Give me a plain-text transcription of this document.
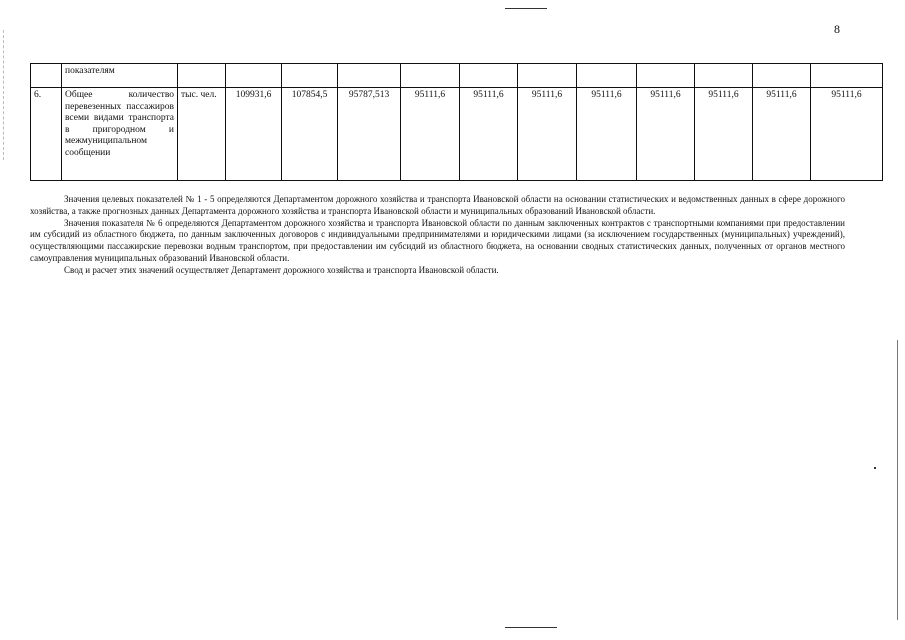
8
	показателям												
6.	Общее количество перевезенных пассажиров всеми видами транспорта в пригородном и межмуниципальном сообщении	тыс. чел.	109931,6	107854,5	95787,513	95111,6	95111,6	95111,6	95111,6	95111,6	95111,6	95111,6	95111,6

Значения целевых показателей № 1 - 5 определяются Департаментом дорожного хозяйства и транспорта Ивановской области на основании статистических и ведомственных данных в сфере дорожного хозяйства, а также прогнозных данных Департамента дорожного хозяйства и транспорта Ивановской области и муниципальных образований Ивановской области.

Значения показателя № 6 определяются Департаментом дорожного хозяйства и транспорта Ивановской области по данным заключенных контрактов с транспортными компаниями при предоставлении им субсидий из областного бюджета, по данным заключенных договоров с индивидуальными предпринимателями и юридическими лицами (за исключением государственных (муниципальных) учреждений), осуществляющими пассажирские перевозки водным транспортом, при предоставлении им субсидий из областного бюджета, на основании сводных статистических данных, полученных от органов местного самоуправления муниципальных образований Ивановской области.

Свод и расчет этих значений осуществляет Департамент дорожного хозяйства и транспорта Ивановской области.
